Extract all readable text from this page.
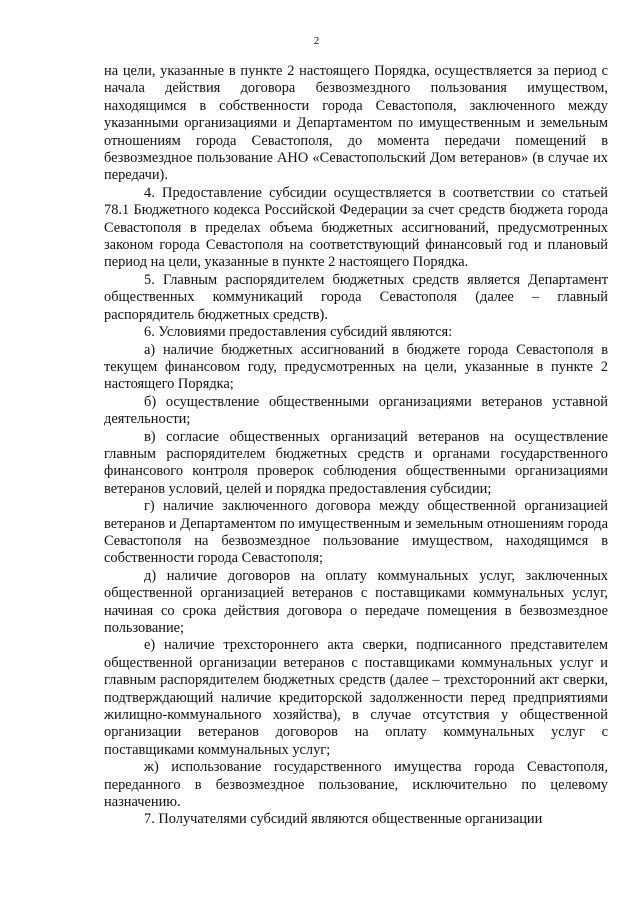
2

на цели, указанные в пункте 2 настоящего Порядка, осуществляется за период с начала действия договора безвозмездного пользования имуществом, находящимся в собственности города Севастополя, заключенного между указанными организациями и Департаментом по имущественным и земельным отношениям города Севастополя, до момента передачи помещений в безвозмездное пользование АНО «Севастопольский Дом ветеранов» (в случае их передачи).

4. Предоставление субсидии осуществляется в соответствии со статьей 78.1 Бюджетного кодекса Российской Федерации за счет средств бюджета города Севастополя в пределах объема бюджетных ассигнований, предусмотренных законом города Севастополя на соответствующий финансовый год и плановый период на цели, указанные в пункте 2 настоящего Порядка.

5. Главным распорядителем бюджетных средств является Департамент общественных коммуникаций города Севастополя (далее – главный распорядитель бюджетных средств).

6. Условиями предоставления субсидий являются:

а) наличие бюджетных ассигнований в бюджете города Севастополя в текущем финансовом году, предусмотренных на цели, указанные в пункте 2 настоящего Порядка;

б) осуществление общественными организациями ветеранов уставной деятельности;

в) согласие общественных организаций ветеранов на осуществление главным распорядителем бюджетных средств и органами государственного финансового контроля проверок соблюдения общественными организациями ветеранов условий, целей и порядка предоставления субсидии;

г) наличие заключенного договора между общественной организацией ветеранов и Департаментом по имущественным и земельным отношениям города Севастополя на безвозмездное пользование имуществом, находящимся в собственности города Севастополя;

д) наличие договоров на оплату коммунальных услуг, заключенных общественной организацией ветеранов с поставщиками коммунальных услуг, начиная со срока действия договора о передаче помещения в безвозмездное пользование;

е) наличие трехстороннего акта сверки, подписанного представителем общественной организации ветеранов с поставщиками коммунальных услуг и главным распорядителем бюджетных средств (далее – трехсторонний акт сверки, подтверждающий наличие кредиторской задолженности перед предприятиями жилищно-коммунального хозяйства), в случае отсутствия у общественной организации ветеранов договоров на оплату коммунальных услуг с поставщиками коммунальных услуг;

ж) использование государственного имущества города Севастополя, переданного в безвозмездное пользование, исключительно по целевому назначению.

7. Получателями субсидий являются общественные организации
